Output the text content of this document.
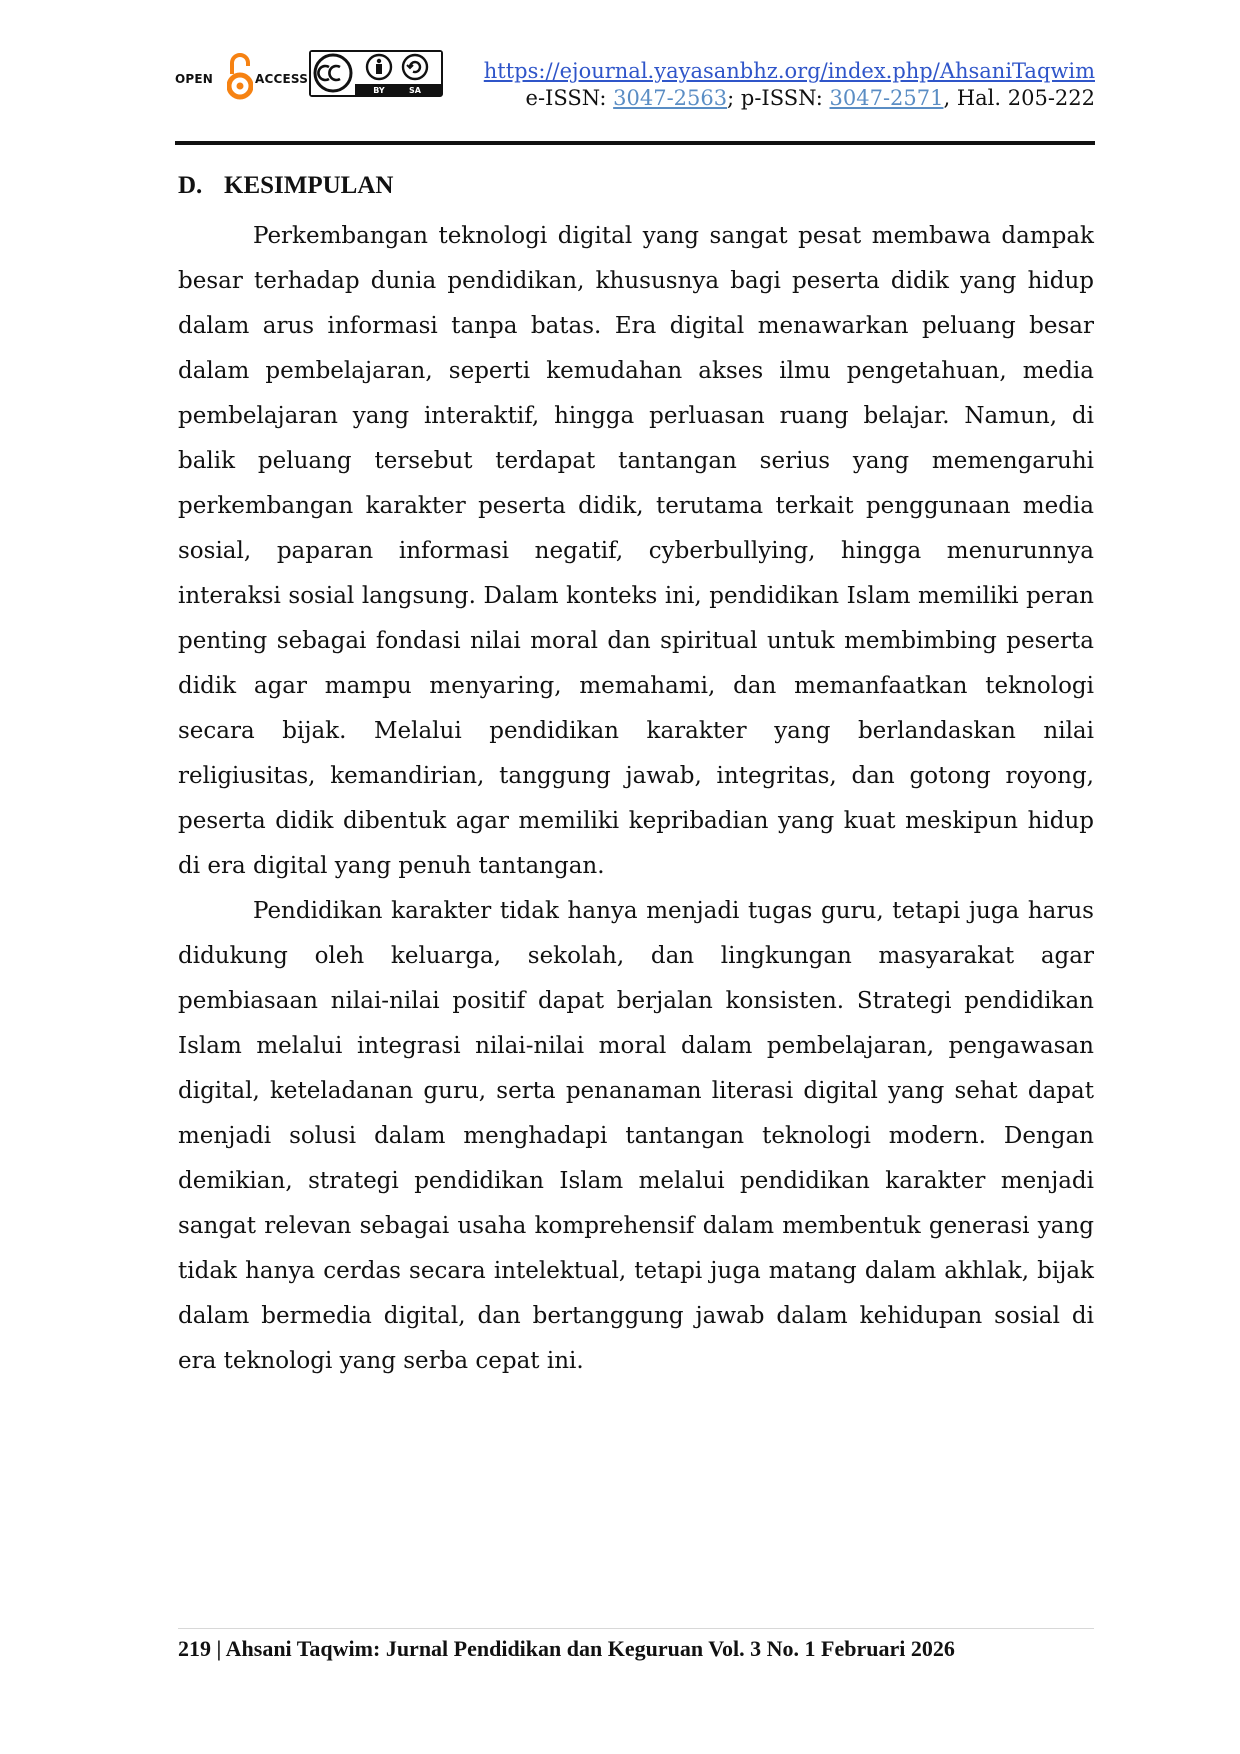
OPEN	ACCESS
BY	SA
https://ejournal.yayasanbhz.org/index.php/AhsaniTaqwim
e-ISSN: 3047-2563; p-ISSN: 3047-2571, Hal. 205-222
D. KESIMPULAN

Perkembangan teknologi digital yang sangat pesat membawa dampak besar terhadap dunia pendidikan, khususnya bagi peserta didik yang hidup dalam arus informasi tanpa batas. Era digital menawarkan peluang besar dalam pembelajaran, seperti kemudahan akses ilmu pengetahuan, media pembelajaran yang interaktif, hingga perluasan ruang belajar. Namun, di balik peluang tersebut terdapat tantangan serius yang memengaruhi perkembangan karakter peserta didik, terutama terkait penggunaan media sosial, paparan informasi negatif, cyberbullying, hingga menurunnya interaksi sosial langsung. Dalam konteks ini, pendidikan Islam memiliki peran penting sebagai fondasi nilai moral dan spiritual untuk membimbing peserta didik agar mampu menyaring, memahami, dan memanfaatkan teknologi secara bijak. Melalui pendidikan karakter yang berlandaskan nilai religiusitas, kemandirian, tanggung jawab, integritas, dan gotong royong, peserta didik dibentuk agar memiliki kepribadian yang kuat meskipun hidup di era digital yang penuh tantangan.

Pendidikan karakter tidak hanya menjadi tugas guru, tetapi juga harus didukung oleh keluarga, sekolah, dan lingkungan masyarakat agar pembiasaan nilai-nilai positif dapat berjalan konsisten. Strategi pendidikan Islam melalui integrasi nilai-nilai moral dalam pembelajaran, pengawasan digital, keteladanan guru, serta penanaman literasi digital yang sehat dapat menjadi solusi dalam menghadapi tantangan teknologi modern. Dengan demikian, strategi pendidikan Islam melalui pendidikan karakter menjadi sangat relevan sebagai usaha komprehensif dalam membentuk generasi yang tidak hanya cerdas secara intelektual, tetapi juga matang dalam akhlak, bijak dalam bermedia digital, dan bertanggung jawab dalam kehidupan sosial di era teknologi yang serba cepat ini.

219 | Ahsani Taqwim: Jurnal Pendidikan dan Keguruan Vol. 3 No. 1 Februari 2026
